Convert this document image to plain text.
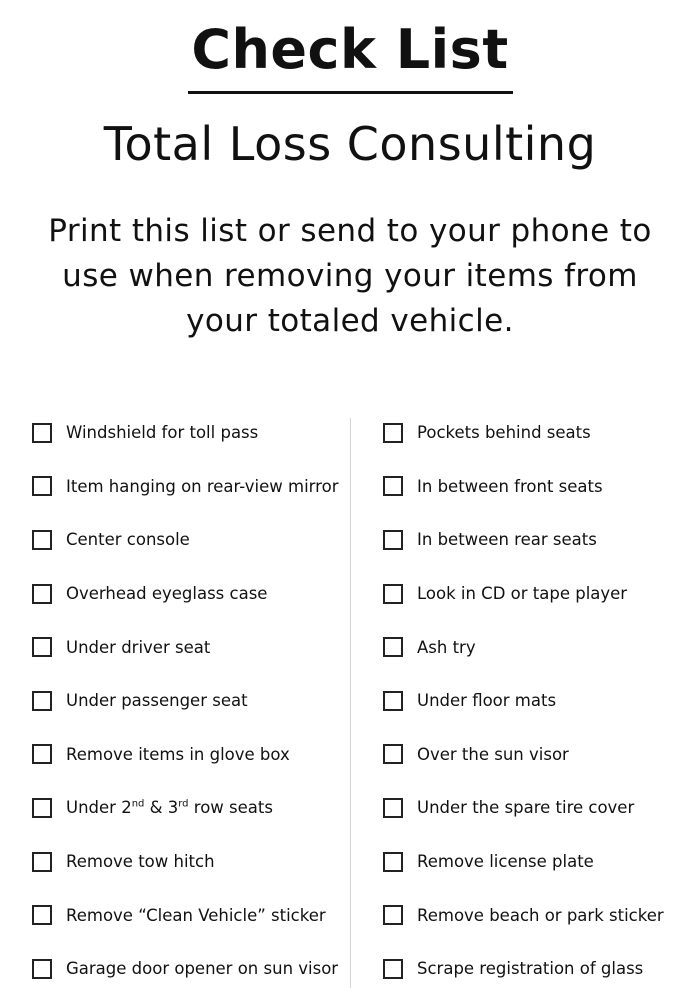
Check List
Total Loss Consulting
Print this list or send to your phone to use when removing your items from your totaled vehicle.
Windshield for toll pass
Item hanging on rear-view mirror
Center console
Overhead eyeglass case
Under driver seat
Under passenger seat
Remove items in glove box
Under 2nd & 3rd row seats
Remove tow hitch
Remove “Clean Vehicle” sticker
Garage door opener on sun visor
Pockets behind seats
In between front seats
In between rear seats
Look in CD or tape player
Ash try
Under floor mats
Over the sun visor
Under the spare tire cover
Remove license plate
Remove beach or park sticker
Scrape registration of glass
